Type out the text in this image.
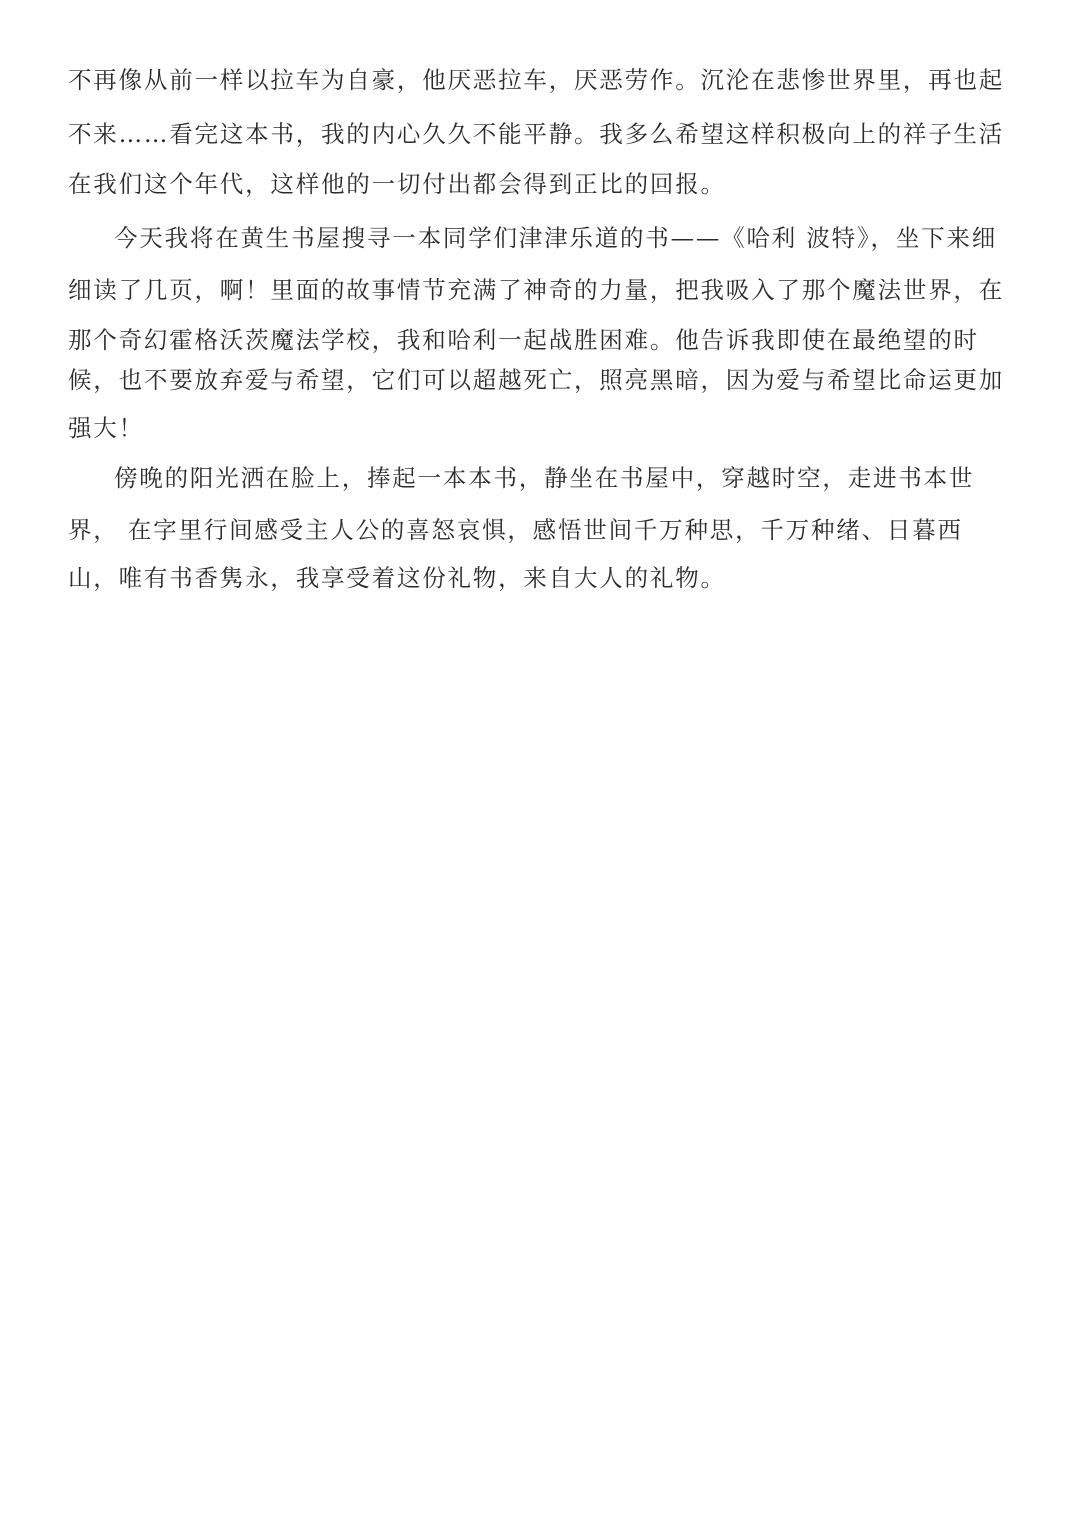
不再像从前一样以拉车为自豪，他厌恶拉车，厌恶劳作。沉沦在悲惨世界里，再也起
不来……看完这本书，我的内心久久不能平静。我多么希望这样积极向上的祥子生活
在我们这个年代，这样他的一切付出都会得到正比的回报。
今天我将在黄生书屋搜寻一本同学们津津乐道的书——《哈利 波特》，坐下来细
细读了几页，啊！里面的故事情节充满了神奇的力量，把我吸入了那个魔法世界，在
那个奇幻霍格沃茨魔法学校，我和哈利一起战胜困难。他告诉我即使在最绝望的时
候，也不要放弃爱与希望，它们可以超越死亡，照亮黑暗，因为爱与希望比命运更加
强大！
傍晚的阳光洒在脸上，捧起一本本书，静坐在书屋中，穿越时空，走进书本世
界， 在字里行间感受主人公的喜怒哀惧，感悟世间千万种思，千万种绪、日暮西
山，唯有书香隽永，我享受着这份礼物，来自大人的礼物。
